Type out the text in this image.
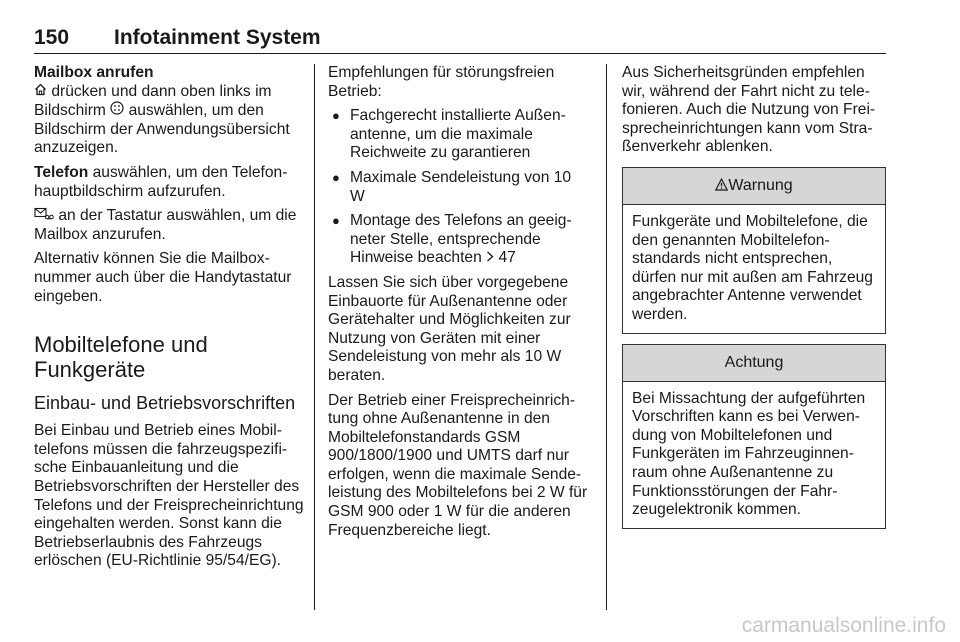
150 Infotainment System

Mailbox anrufen

drücken und dann oben links im Bildschirm  auswählen, um den Bildschirm der Anwendungsübersicht anzuzeigen.

Telefon auswählen, um den Telefonhauptbildschirm aufzurufen.

an der Tastatur auswählen, um die Mailbox anzurufen.

Alternativ können Sie die Mailboxnummer auch über die Handytastatur eingeben.

Mobiltelefone und Funkgeräte
Einbau- und Betriebsvorschriften

Bei Einbau und Betrieb eines Mobiltelefons müssen die fahrzeugspezifische Einbauanleitung und die Betriebsvorschriften der Hersteller des Telefons und der Freisprecheinrichtung eingehalten werden. Sonst kann die Betriebserlaubnis des Fahrzeugs erlöschen (EU-Richtlinie 95/54/EG).

Empfehlungen für störungsfreien Betrieb:

● Fachgerecht installierte Außenantenne, um die maximale Reichweite zu garantieren
● Maximale Sendeleistung von 10 W
● Montage des Telefons an geeigneter Stelle, entsprechende Hinweise beachten 47

Lassen Sie sich über vorgegebene Einbauorte für Außenantenne oder Gerätehalter und Möglichkeiten zur Nutzung von Geräten mit einer Sendeleistung von mehr als 10 W beraten.

Der Betrieb einer Freisprecheinrichtung ohne Außenantenne in den Mobiltelefonstandards GSM 900/1800/1900 und UMTS darf nur erfolgen, wenn die maximale Sendeleistung des Mobiltelefons bei 2 W für GSM 900 oder 1 W für die anderen Frequenzbereiche liegt.

Aus Sicherheitsgründen empfehlen wir, während der Fahrt nicht zu telefonieren. Auch die Nutzung von Freisprecheinrichtungen kann vom Straßenverkehr ablenken.

Warnung
Funkgeräte und Mobiltelefone, die den genannten Mobiltelefonstandards nicht entsprechen, dürfen nur mit außen am Fahrzeug angebrachter Antenne verwendet werden.
Achtung
Bei Missachtung der aufgeführten Vorschriften kann es bei Verwendung von Mobiltelefonen und Funkgeräten im Fahrzeuginnenraum ohne Außenantenne zu Funktionsstörungen der Fahrzeugelektronik kommen.
carmanualsonline.info
